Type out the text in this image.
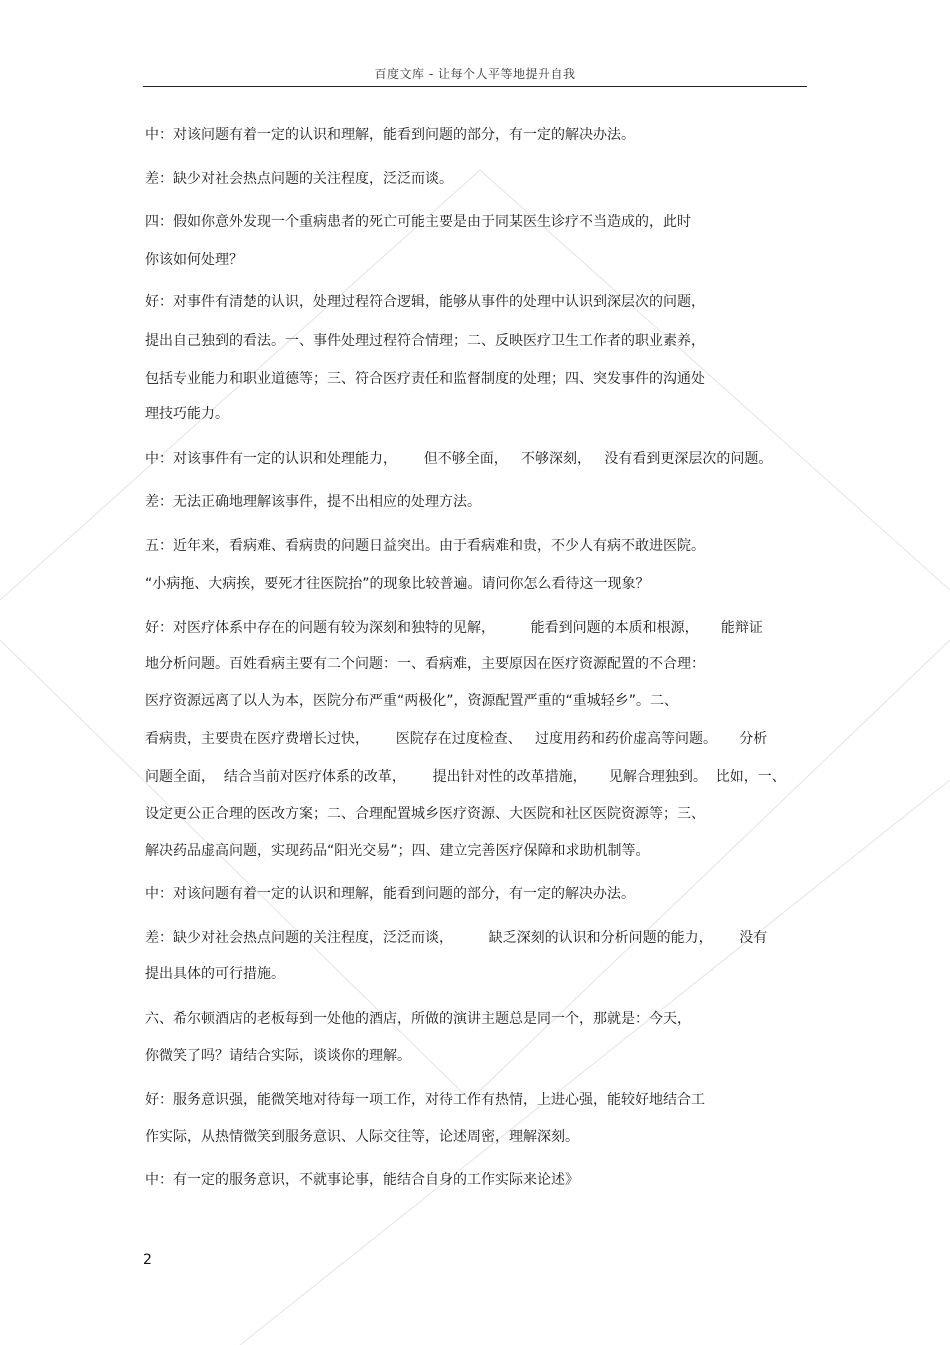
百度文库 - 让每个人平等地提升自我
中：对该问题有着一定的认识和理解，能看到问题的部分，有一定的解决办法。
差：缺少对社会热点问题的关注程度，泛泛而谈。
四：假如你意外发现一个重病患者的死亡可能主要是由于同某医生诊疗不当造成的，此时
你该如何处理？
好：对事件有清楚的认识，处理过程符合逻辑，能够从事件的处理中认识到深层次的问题，
提出自己独到的看法。一、事件处理过程符合情理；二、反映医疗卫生工作者的职业素养，
包括专业能力和职业道德等；三、符合医疗责任和监督制度的处理；四、突发事件的沟通处
理技巧能力。
中：对该事件有一定的认识和处理能力，      但不够全面，   不够深刻，   没有看到更深层次的问题。
差：无法正确地理解该事件，提不出相应的处理方法。
五：近年来，看病难、看病贵的问题日益突出。由于看病难和贵，不少人有病不敢进医院。
“小病拖、大病挨，要死才往医院抬”的现象比较普遍。请问你怎么看待这一现象？
好：对医疗体系中存在的问题有较为深刻和独特的见解，        能看到问题的本质和根源，     能辩证
地分析问题。百姓看病主要有二个问题：一、看病难，主要原因在医疗资源配置的不合理：
医疗资源远离了以人为本，医院分布严重“两极化”，资源配置严重的“重城轻乡”。二、
看病贵，主要贵在医疗费增长过快，      医院存在过度检查、   过度用药和药价虚高等问题。     分析
问题全面，  结合当前对医疗体系的改革，      提出针对性的改革措施，     见解合理独到。  比如，一、
设定更公正合理的医改方案；二、合理配置城乡医疗资源、大医院和社区医院资源等；三、
解决药品虚高问题，实现药品“阳光交易”；四、建立完善医疗保障和求助机制等。
中：对该问题有着一定的认识和理解，能看到问题的部分，有一定的解决办法。
差：缺少对社会热点问题的关注程度，泛泛而谈，        缺乏深刻的认识和分析问题的能力，      没有
提出具体的可行措施。
六、希尔顿酒店的老板每到一处他的酒店，所做的演讲主题总是同一个，那就是：今天，
你微笑了吗？请结合实际，谈谈你的理解。
好：服务意识强，能微笑地对待每一项工作，对待工作有热情，上进心强，能较好地结合工
作实际，从热情微笑到服务意识、人际交往等，论述周密，理解深刻。
中：有一定的服务意识，不就事论事，能结合自身的工作实际来论述》
2
